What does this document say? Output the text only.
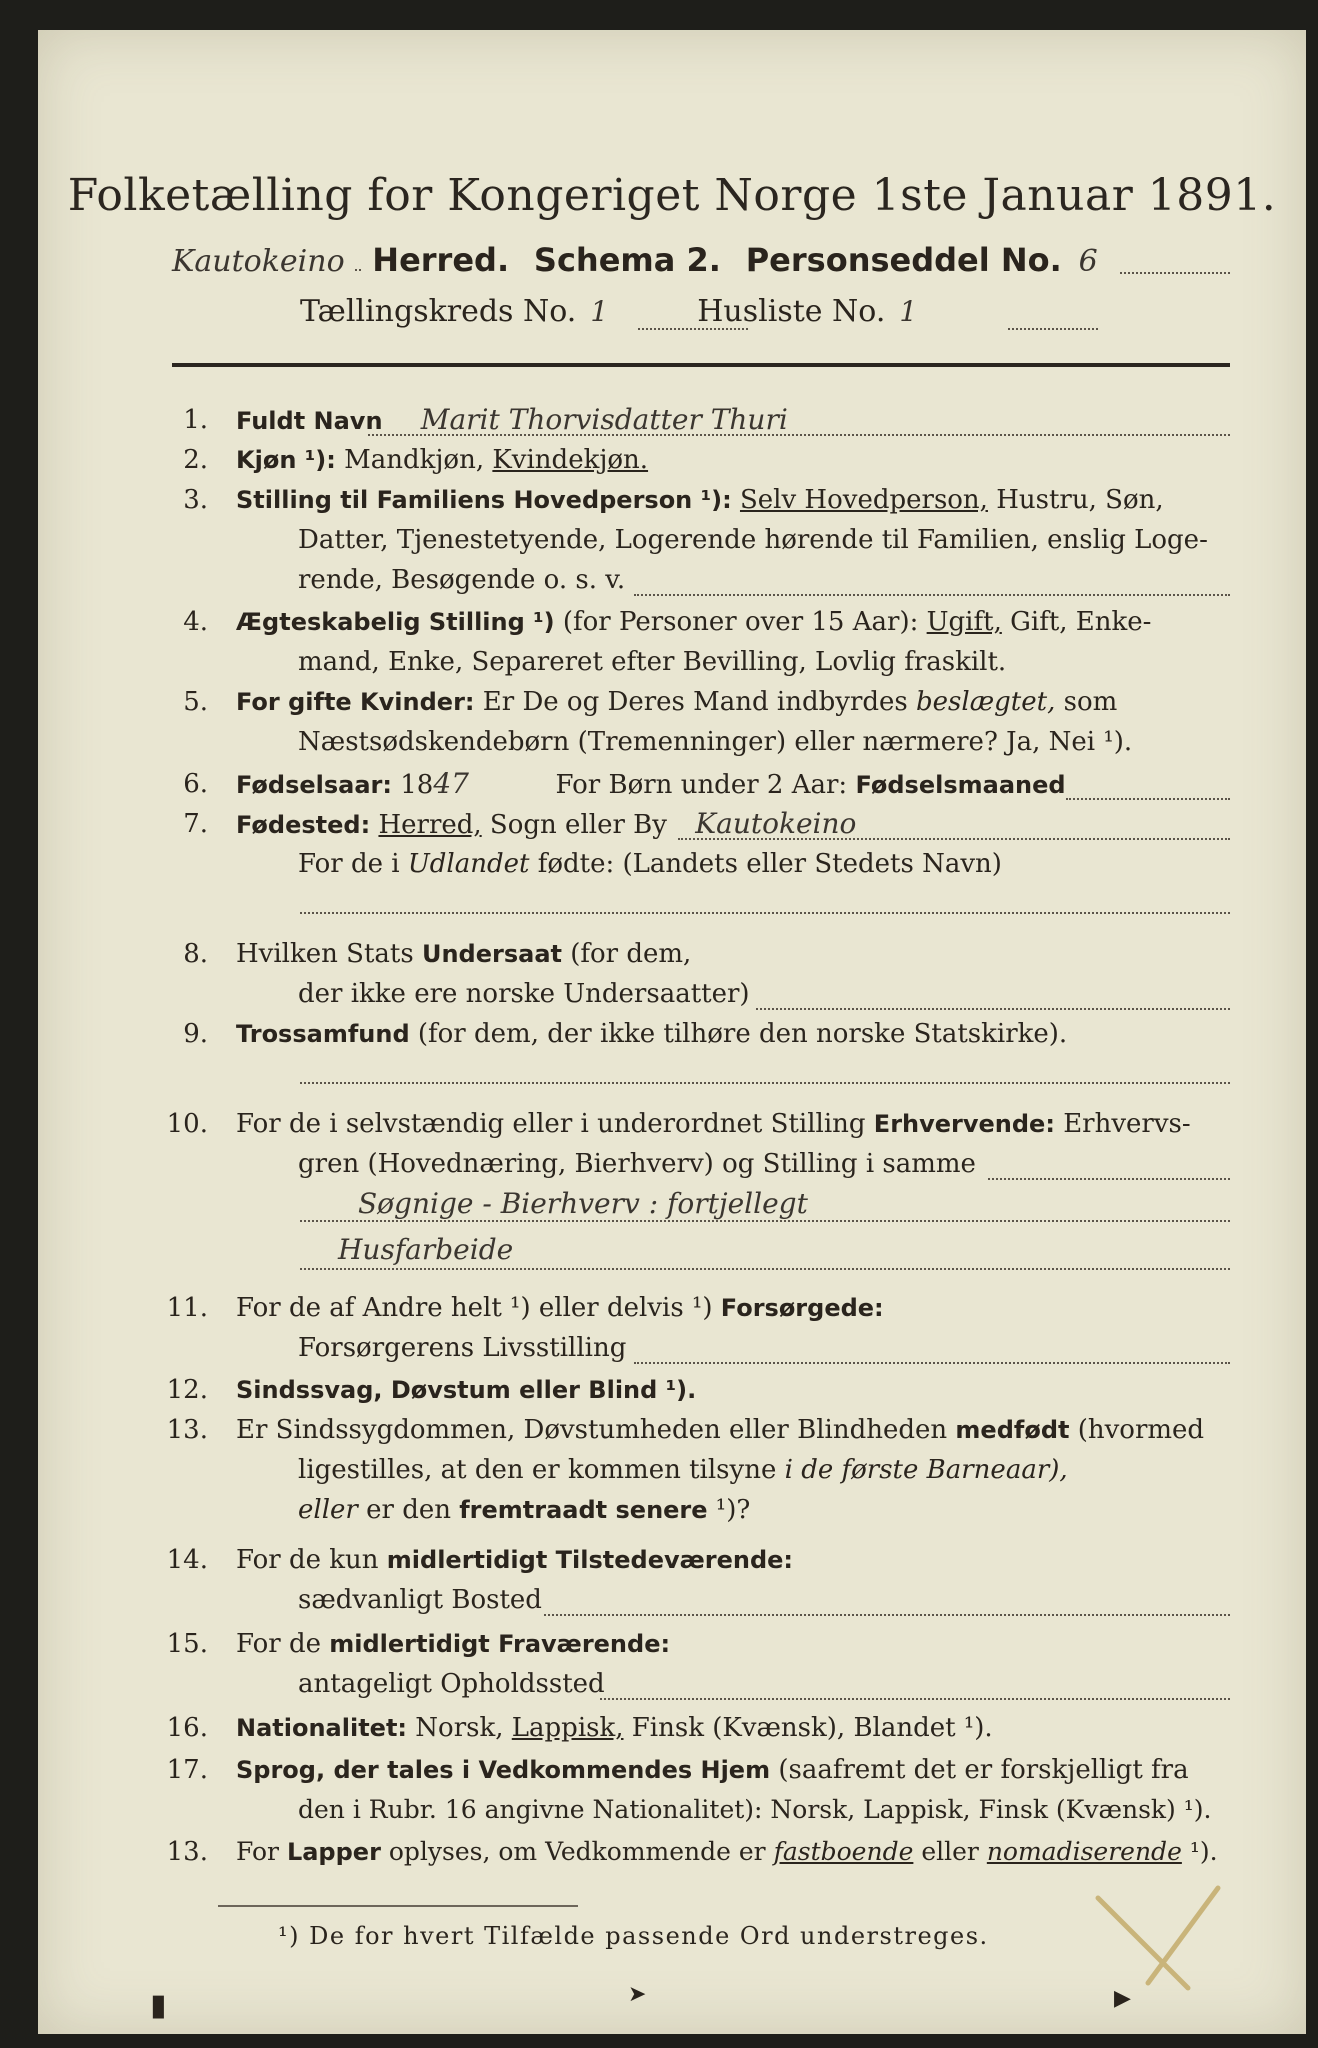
Folketælling for Kongeriget Norge 1ste Januar 1891.
Kautokeino Herred. Schema 2. Personseddel No. 6
Tællingskreds No. 1	Husliste No. 1
1. Fuldt Navn Marit Thorvisdatter Thuri
2. Kjøn ¹): Mandkjøn, Kvindekjøn.
3. Stilling til Familiens Hovedperson ¹): Selv Hovedperson, Hustru, Søn,
Datter, Tjenestetyende, Logerende hørende til Familien, enslig Loge-
rende, Besøgende o. s. v.
4. Ægteskabelig Stilling ¹) (for Personer over 15 Aar): Ugift, Gift, Enke-
mand, Enke, Separeret efter Bevilling, Lovlig fraskilt.
5. For gifte Kvinder: Er De og Deres Mand indbyrdes beslægtet, som
Næstsødskendebørn (Tremenninger) eller nærmere? Ja, Nei ¹).
6. Fødselsaar: 1847	For Børn under 2 Aar: Fødselsmaaned
7. Fødested: Herred, Sogn eller By Kautokeino
For de i Udlandet fødte: (Landets eller Stedets Navn)
8. Hvilken Stats Undersaat (for dem,
der ikke ere norske Undersaatter)
9. Trossamfund (for dem, der ikke tilhøre den norske Statskirke).
10. For de i selvstændig eller i underordnet Stilling Erhvervende: Erhvervs-
gren (Hovednæring, Bierhverv) og Stilling i samme
Søgnige - Bierhverv : fortjellegt
Husfarbeide
11. For de af Andre helt ¹) eller delvis ¹) Forsørgede:
Forsørgerens Livsstilling
12. Sindssvag, Døvstum eller Blind ¹).
13. Er Sindssygdommen, Døvstumheden eller Blindheden medfødt (hvormed
ligestilles, at den er kommen tilsyne i de første Barneaar),
eller er den fremtraadt senere ¹)?
14. For de kun midlertidigt Tilstedeværende:
sædvanligt Bosted
15. For de midlertidigt Fraværende:
antageligt Opholdssted
16. Nationalitet: Norsk, Lappisk, Finsk (Kvænsk), Blandet ¹).
17. Sprog, der tales i Vedkommendes Hjem (saafremt det er forskjelligt fra
den i Rubr. 16 angivne Nationalitet): Norsk, Lappisk, Finsk (Kvænsk) ¹).
13. For Lapper oplyses, om Vedkommende er fastboende eller nomadiserende ¹).
¹) De for hvert Tilfælde passende Ord understreges.
▮	➤	▶
